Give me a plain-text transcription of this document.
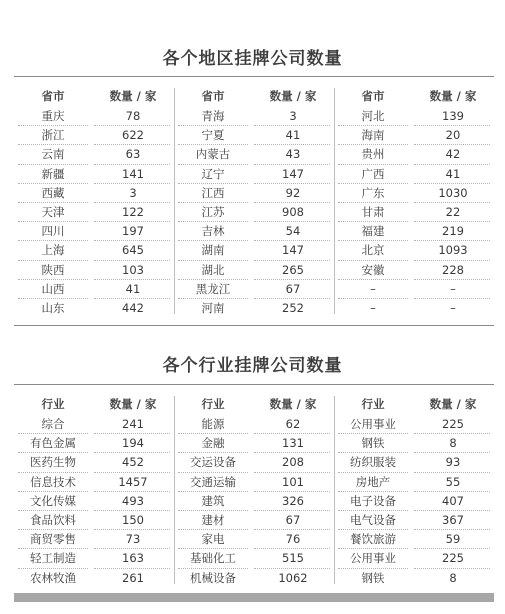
各个地区挂牌公司数量
省市
重庆
浙江
云南
新疆
西藏
天津
四川
上海
陕西
山西
山东
数量 / 家
78
622
63
141
3
122
197
645
103
41
442
省市
青海
宁夏
内蒙古
辽宁
江西
江苏
吉林
湖南
湖北
黑龙江
河南
数量 / 家
3
41
43
147
92
908
54
147
265
67
252
省市
河北
海南
贵州
广西
广东
甘肃
福建
北京
安徽
–
–
数量 / 家
139
20
42
41
1030
22
219
1093
228
–
–
各个行业挂牌公司数量
行业
综合
有色金属
医药生物
信息技术
文化传媒
食品饮料
商贸零售
轻工制造
农林牧渔
数量 / 家
241
194
452
1457
493
150
73
163
261
行业
能源
金融
交运设备
交通运输
建筑
建材
家电
基础化工
机械设备
数量 / 家
62
131
208
101
326
67
76
515
1062
行业
公用事业
钢铁
纺织服装
房地产
电子设备
电气设备
餐饮旅游
公用事业
钢铁
数量 / 家
225
8
93
55
407
367
59
225
8
